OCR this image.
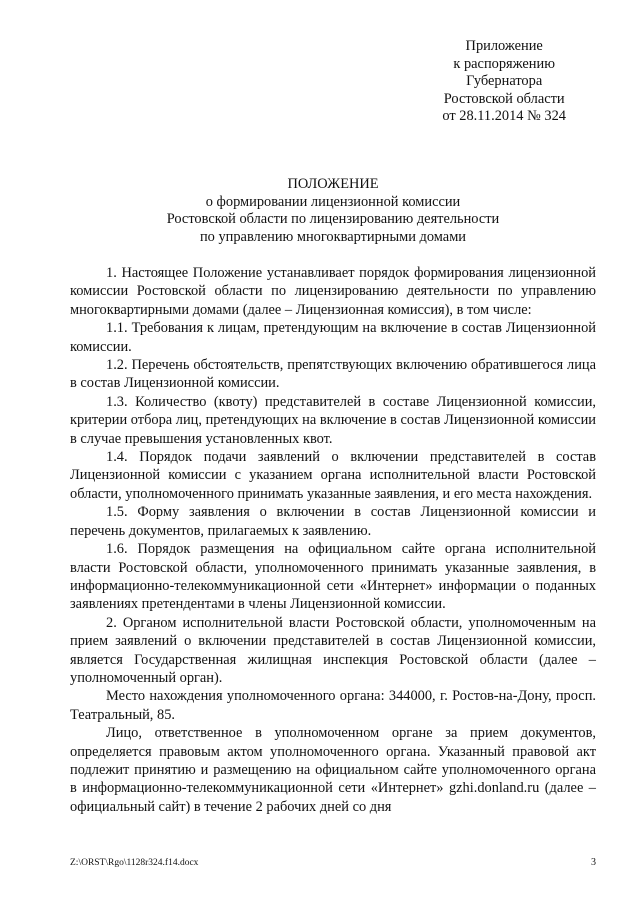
Приложение
к распоряжению
Губернатора
Ростовской области
от 28.11.2014 № 324
ПОЛОЖЕНИЕ
о формировании лицензионной комиссии
Ростовской области по лицензированию деятельности
по управлению многоквартирными домами

1. Настоящее Положение устанавливает порядок формирования лицензионной комиссии Ростовской области по лицензированию деятельности по управлению многоквартирными домами (далее – Лицензионная комиссия), в том числе:

1.1. Требования к лицам, претендующим на включение в состав Лицензионной комиссии.

1.2. Перечень обстоятельств, препятствующих включению обратившегося лица в состав Лицензионной комиссии.

1.3. Количество (квоту) представителей в составе Лицензионной комиссии, критерии отбора лиц, претендующих на включение в состав Лицензионной комиссии в случае превышения установленных квот.

1.4. Порядок подачи заявлений о включении представителей в состав Лицензионной комиссии с указанием органа исполнительной власти Ростовской области, уполномоченного принимать указанные заявления, и его места нахождения.

1.5. Форму заявления о включении в состав Лицензионной комиссии и перечень документов, прилагаемых к заявлению.

1.6. Порядок размещения на официальном сайте органа исполнительной власти Ростовской области, уполномоченного принимать указанные заявления, в информационно-телекоммуникационной сети «Интернет» информации о поданных заявлениях претендентами в члены Лицензионной комиссии.

2. Органом исполнительной власти Ростовской области, уполномоченным на прием заявлений о включении представителей в состав Лицензионной комиссии, является Государственная жилищная инспекция Ростовской области (далее – уполномоченный орган).

Место нахождения уполномоченного органа: 344000, г. Ростов-на-Дону, просп. Театральный, 85.

Лицо, ответственное в уполномоченном органе за прием документов, определяется правовым актом уполномоченного органа. Указанный правовой акт подлежит принятию и размещению на официальном сайте уполномоченного органа в информационно-телекоммуникационной сети «Интернет» gzhi.donland.ru (далее – официальный сайт) в течение 2 рабочих дней со дня

Z:\ORST\Rgo\1128r324.f14.docx	3
